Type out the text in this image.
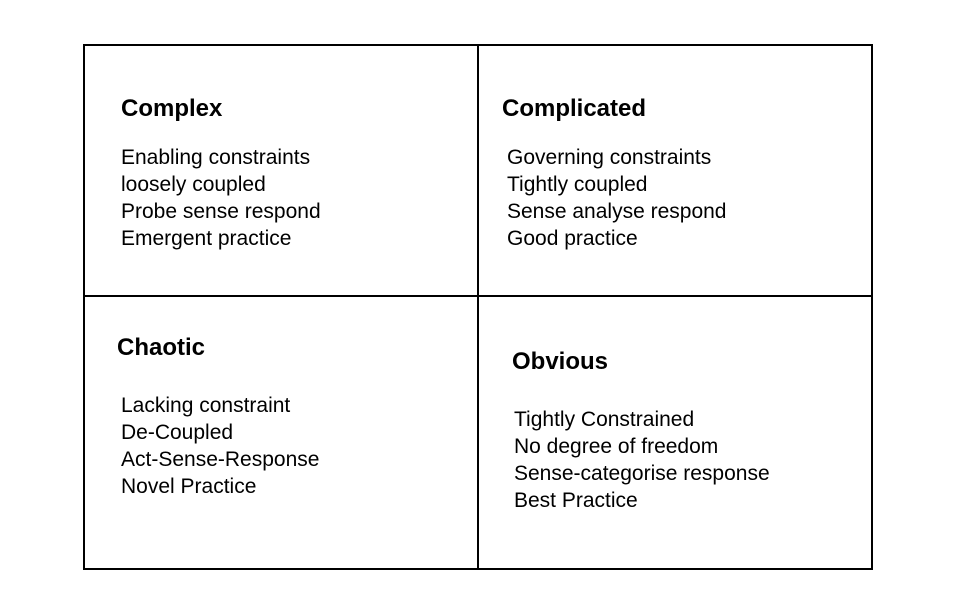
Complex
Enabling constraints
loosely coupled
Probe sense respond
Emergent practice
Complicated
Governing constraints
Tightly coupled
Sense analyse respond
Good practice
Chaotic
Lacking constraint
De-Coupled
Act-Sense-Response
Novel Practice
Obvious
Tightly Constrained
No degree of freedom
Sense-categorise response
Best Practice
